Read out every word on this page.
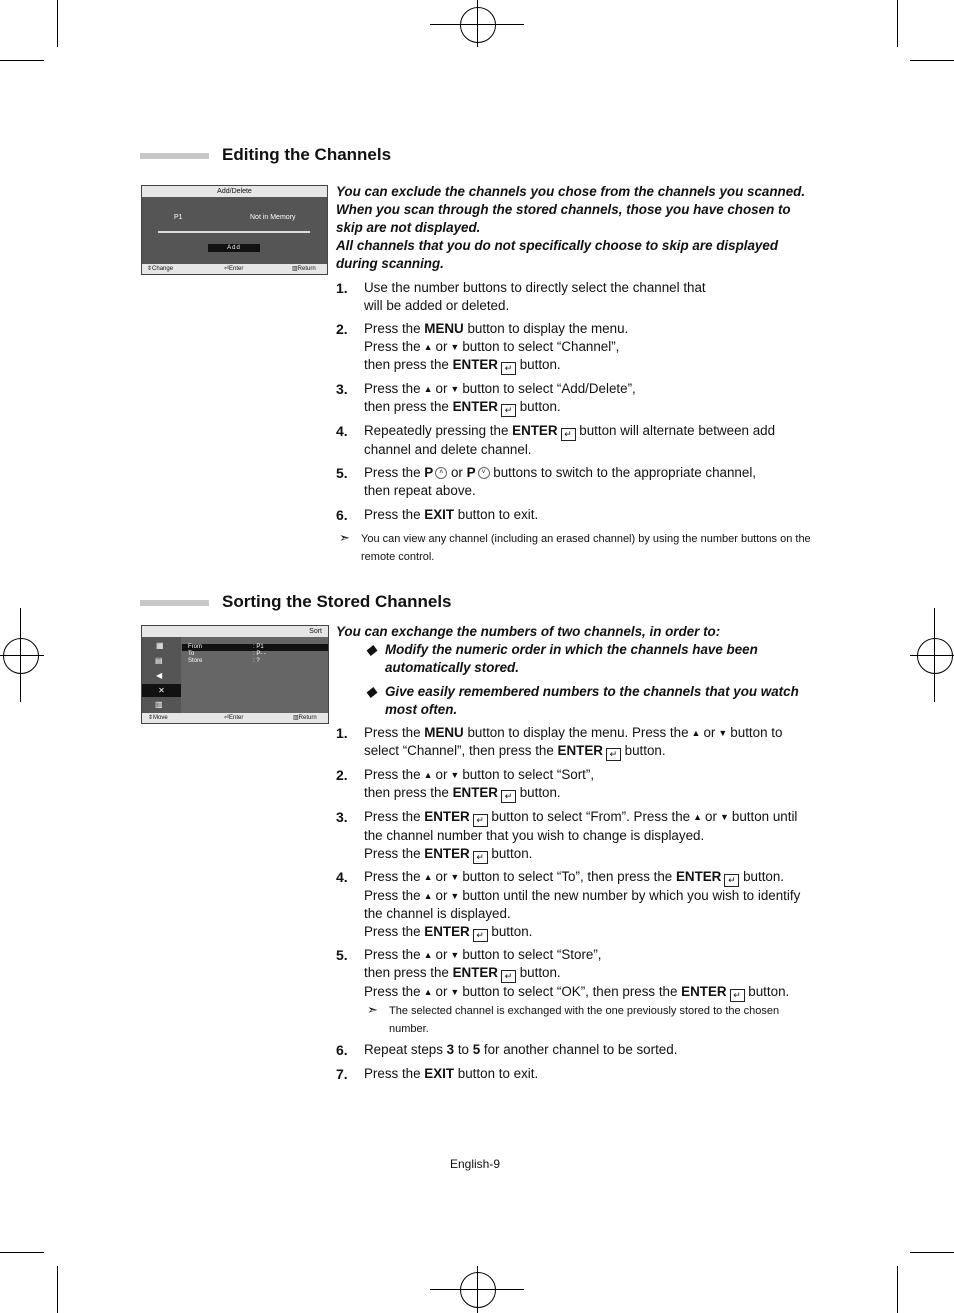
Editing the Channels
Add/Delete
P1	Not in Memory
Add
⇕Change	⏎Enter	▥Return
You can exclude the channels you chose from the channels you scanned. When you scan through the stored channels, those you have chosen to skip are not displayed.
All channels that you do not specifically choose to skip are displayed during scanning.
1. Use the number buttons to directly select the channel that will be added or deleted.
2. Press the MENU button to display the menu.
Press the ▲ or ▼ button to select “Channel”,
then press the ENTER ↵ button.
3. Press the ▲ or ▼ button to select “Add/Delete”,
then press the ENTER ↵ button.
4. Repeatedly pressing the ENTER ↵ button will alternate between add channel and delete channel.
5. Press the P ˄ or P ˅ buttons to switch to the appropriate channel,
then repeat above.
6. Press the EXIT button to exit.
➣ You can view any channel (including an erased channel) by using the number buttons on the remote control.
Sorting the Stored Channels
Sort
▦
▤
◀
✕
▥
From	: P1
To	: P- -
Store	: ?
⇕Move	⏎Enter	▥Return
You can exchange the numbers of two channels, in order to:
◆ Modify the numeric order in which the channels have been automatically stored.
◆ Give easily remembered numbers to the channels that you watch most often.
1. Press the MENU button to display the menu. Press the ▲ or ▼ button to select “Channel”, then press the ENTER ↵ button.
2. Press the ▲ or ▼ button to select “Sort”,
then press the ENTER ↵ button.
3. Press the ENTER ↵ button to select “From”. Press the ▲ or ▼ button until the channel number that you wish to change is displayed.
Press the ENTER ↵ button.
4. Press the ▲ or ▼ button to select “To”, then press the ENTER ↵ button.
Press the ▲ or ▼ button until the new number by which you wish to identify the channel is displayed.
Press the ENTER ↵ button.
5. Press the ▲ or ▼ button to select “Store”,
then press the ENTER ↵ button.
Press the ▲ or ▼ button to select “OK”, then press the ENTER ↵ button.
➣ The selected channel is exchanged with the one previously stored to the chosen number.
6. Repeat steps 3 to 5 for another channel to be sorted.
7. Press the EXIT button to exit.
English-9
